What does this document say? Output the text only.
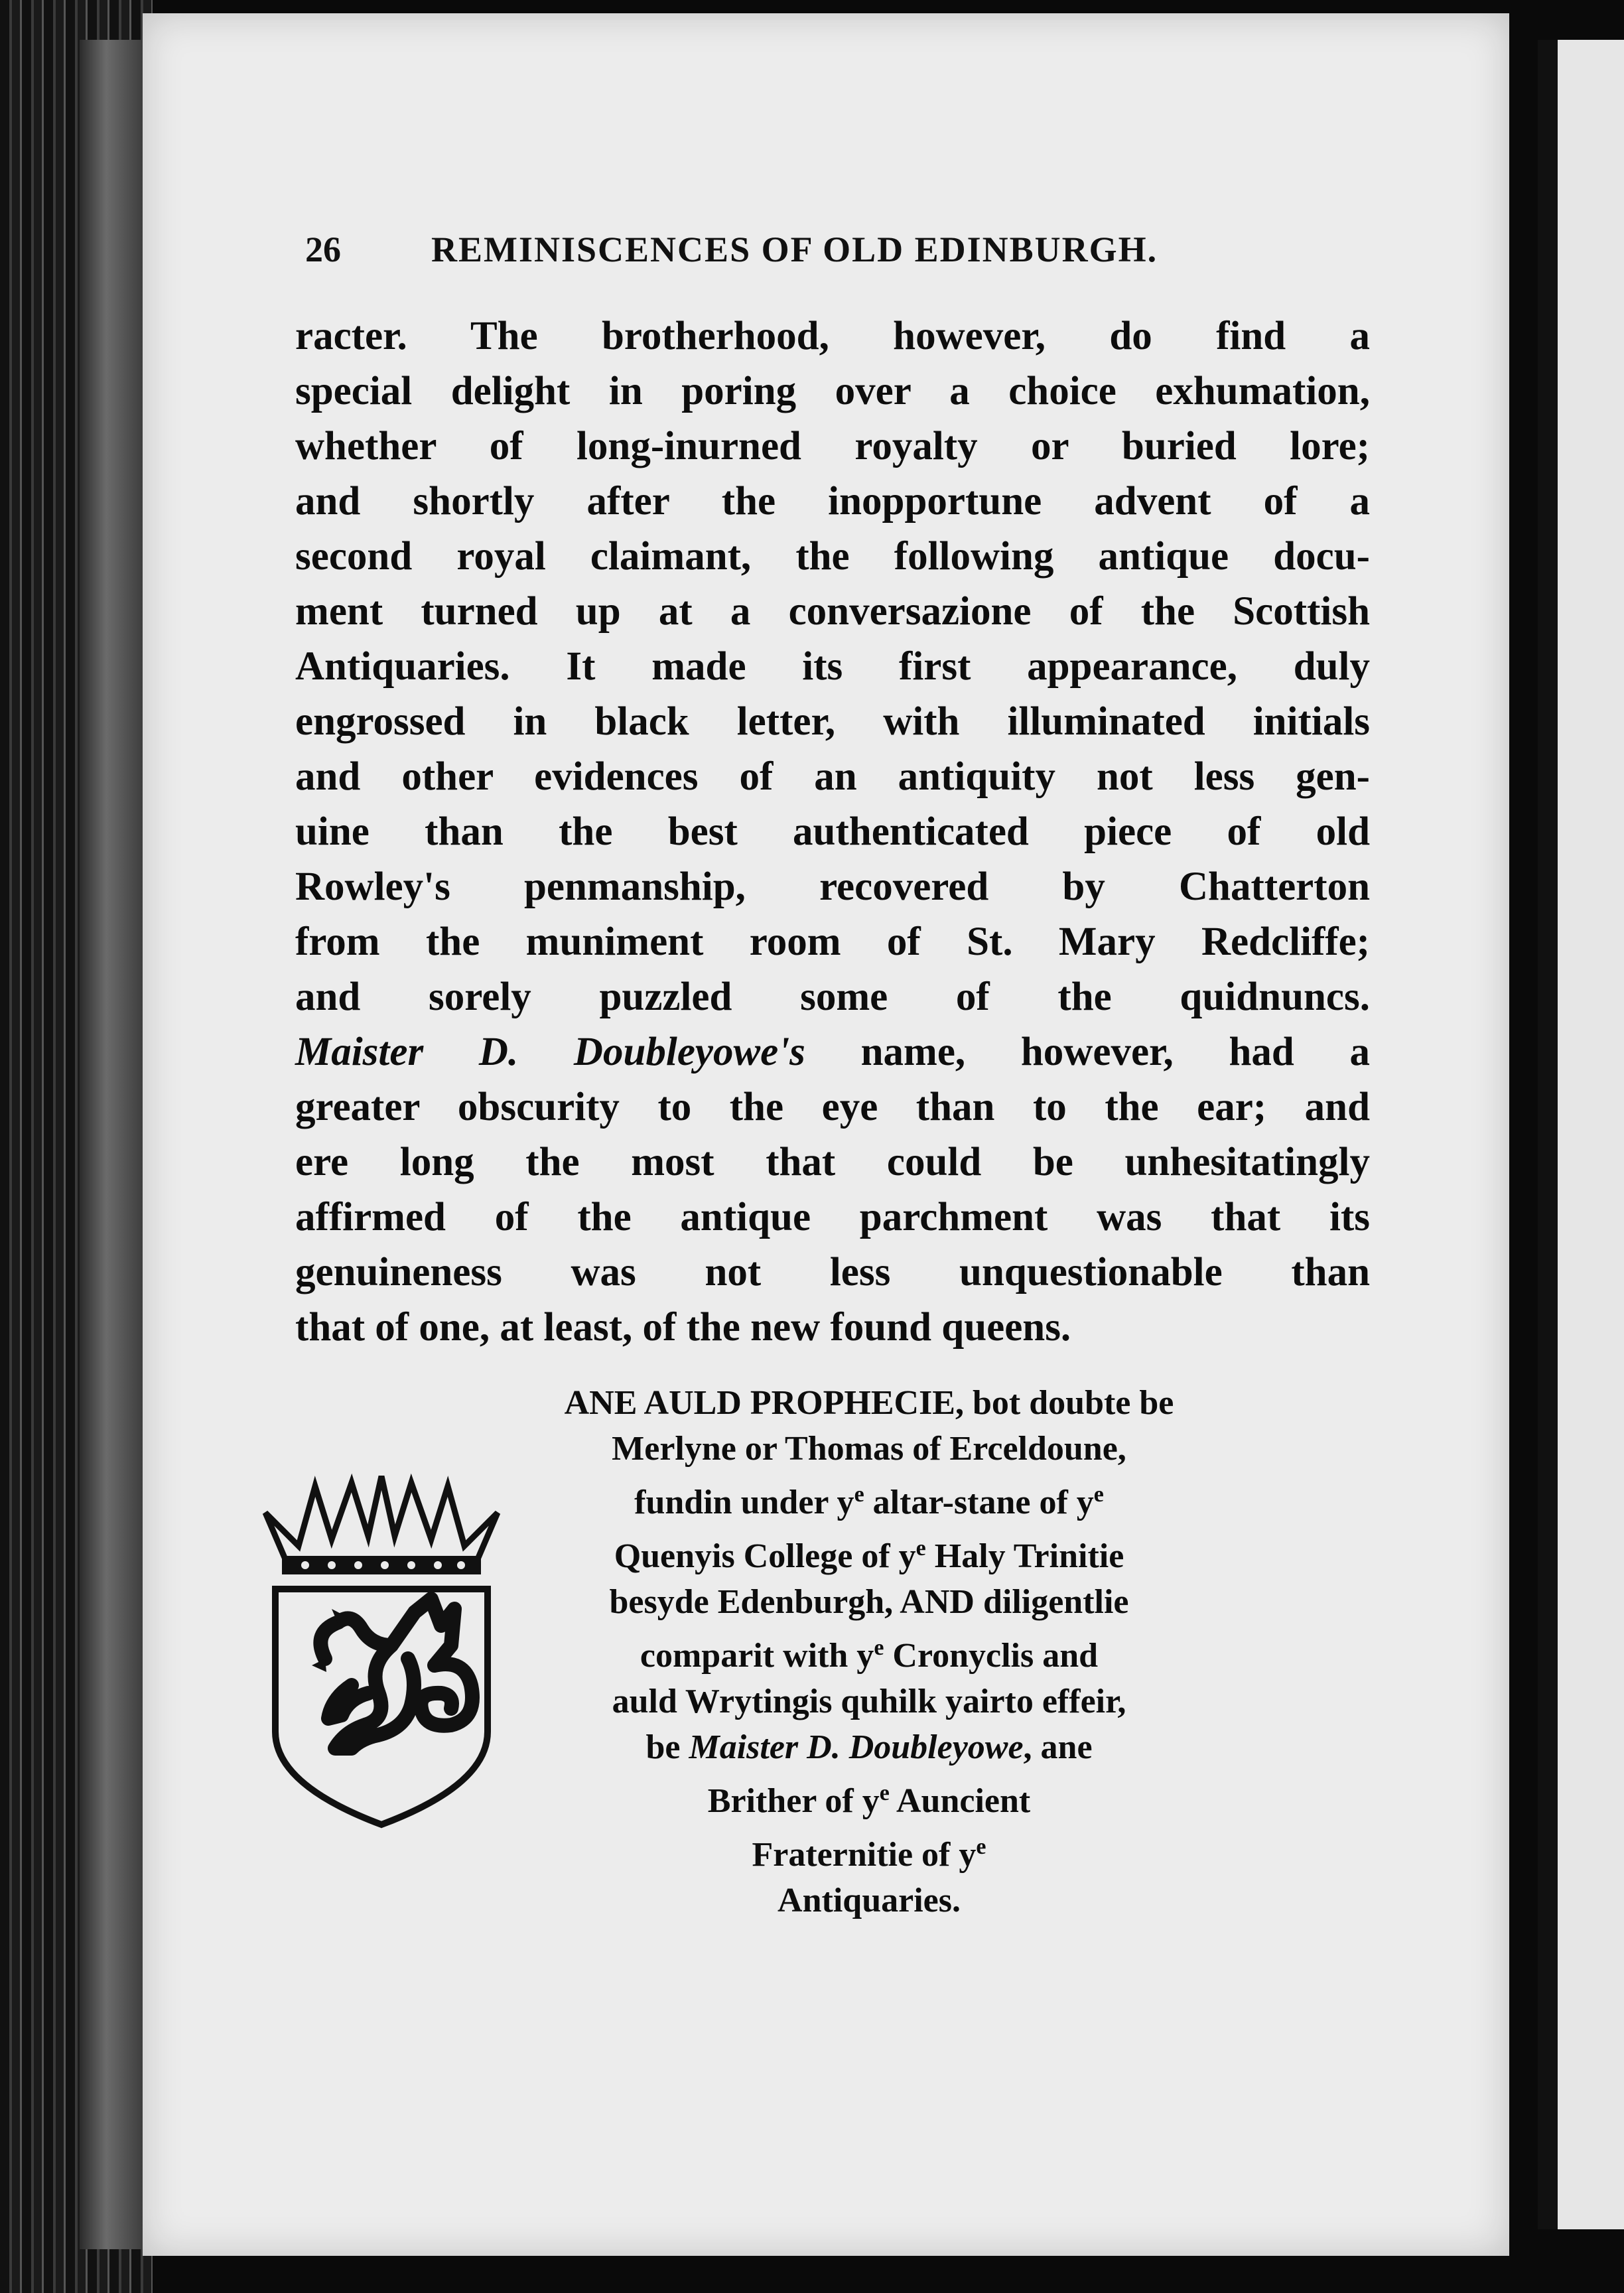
26	REMINISCENCES OF OLD EDINBURGH.
racter. The brotherhood, however, do find a
special delight in poring over a choice exhumation,
whether of long-inurned royalty or buried lore;
and shortly after the inopportune advent of a
second royal claimant, the following antique docu-
ment turned up at a conversazione of the Scottish
Antiquaries. It made its first appearance, duly
engrossed in black letter, with illuminated initials
and other evidences of an antiquity not less gen-
uine than the best authenticated piece of old
Rowley's penmanship, recovered by Chatterton
from the muniment room of St. Mary Redcliffe;
and sorely puzzled some of the quidnuncs.
Maister D. Doubleyowe's name, however, had a
greater obscurity to the eye than to the ear; and
ere long the most that could be unhesitatingly
affirmed of the antique parchment was that its
genuineness was not less unquestionable than
that of one, at least, of the new found queens.
ANE AULD PROPHECIE, bot doubte be
Merlyne or Thomas of Erceldoune,
fundin under $y^e$ altar-stane of $y^e$
Quenyis College of $y^e$ Haly Trinitie
besyde Edenburgh, AND diligentlie
comparit with $y^e$ Cronyclis and
auld Wrytingis quhilk yairto effeir,
be Maister D. Doubleyowe, ane
Brither of $y^e$ Auncient
Fraternitie of $y^e$
Antiquaries.
